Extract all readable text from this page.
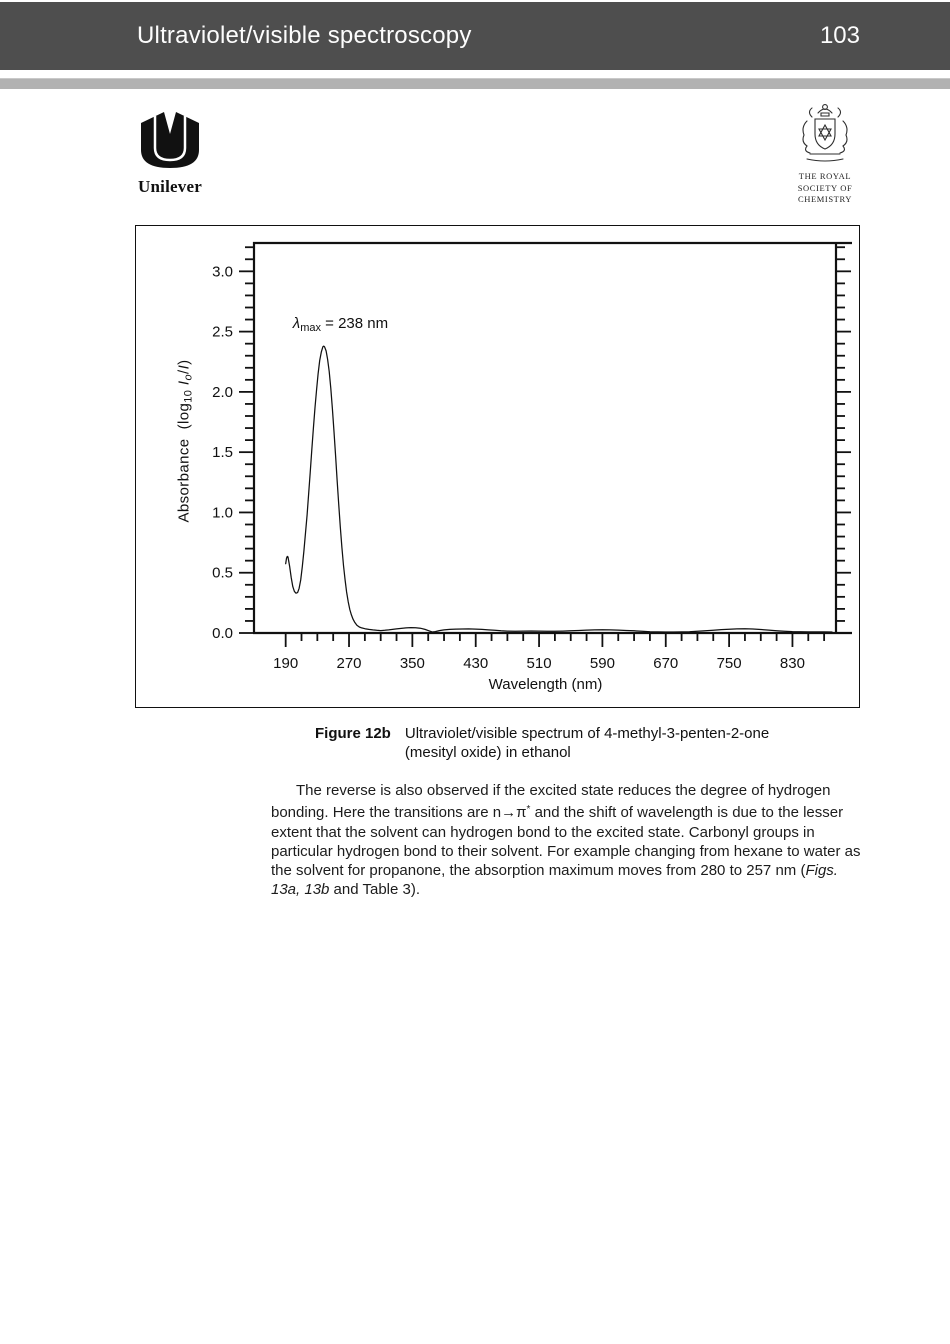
Ultraviolet/visible spectroscopy	103
Unilever
THE ROYAL
SOCIETY OF
CHEMISTRY
190	270	350	430	510	590	670	750	830
0.0
0.5
1.0
1.5
2.0
2.5
3.0
Absorbance  ($\log_{10}$ $I_o/I$)
Wavelength (nm)
$\lambda_{max} = 238$ nm
Figure 12b Ultraviolet/visible spectrum of 4-methyl-3-penten-2-one
(mesityl oxide) in ethanol

The reverse is also observed if the excited state reduces the degree of hydrogen bonding. Here the transitions are n→π* and the shift of wavelength is due to the lesser extent that the solvent can hydrogen bond to the excited state. Carbonyl groups in particular hydrogen bond to their solvent. For example changing from hexane to water as the solvent for propanone, the absorption maximum moves from 280 to 257 nm (Figs. 13a, 13b and Table 3).
